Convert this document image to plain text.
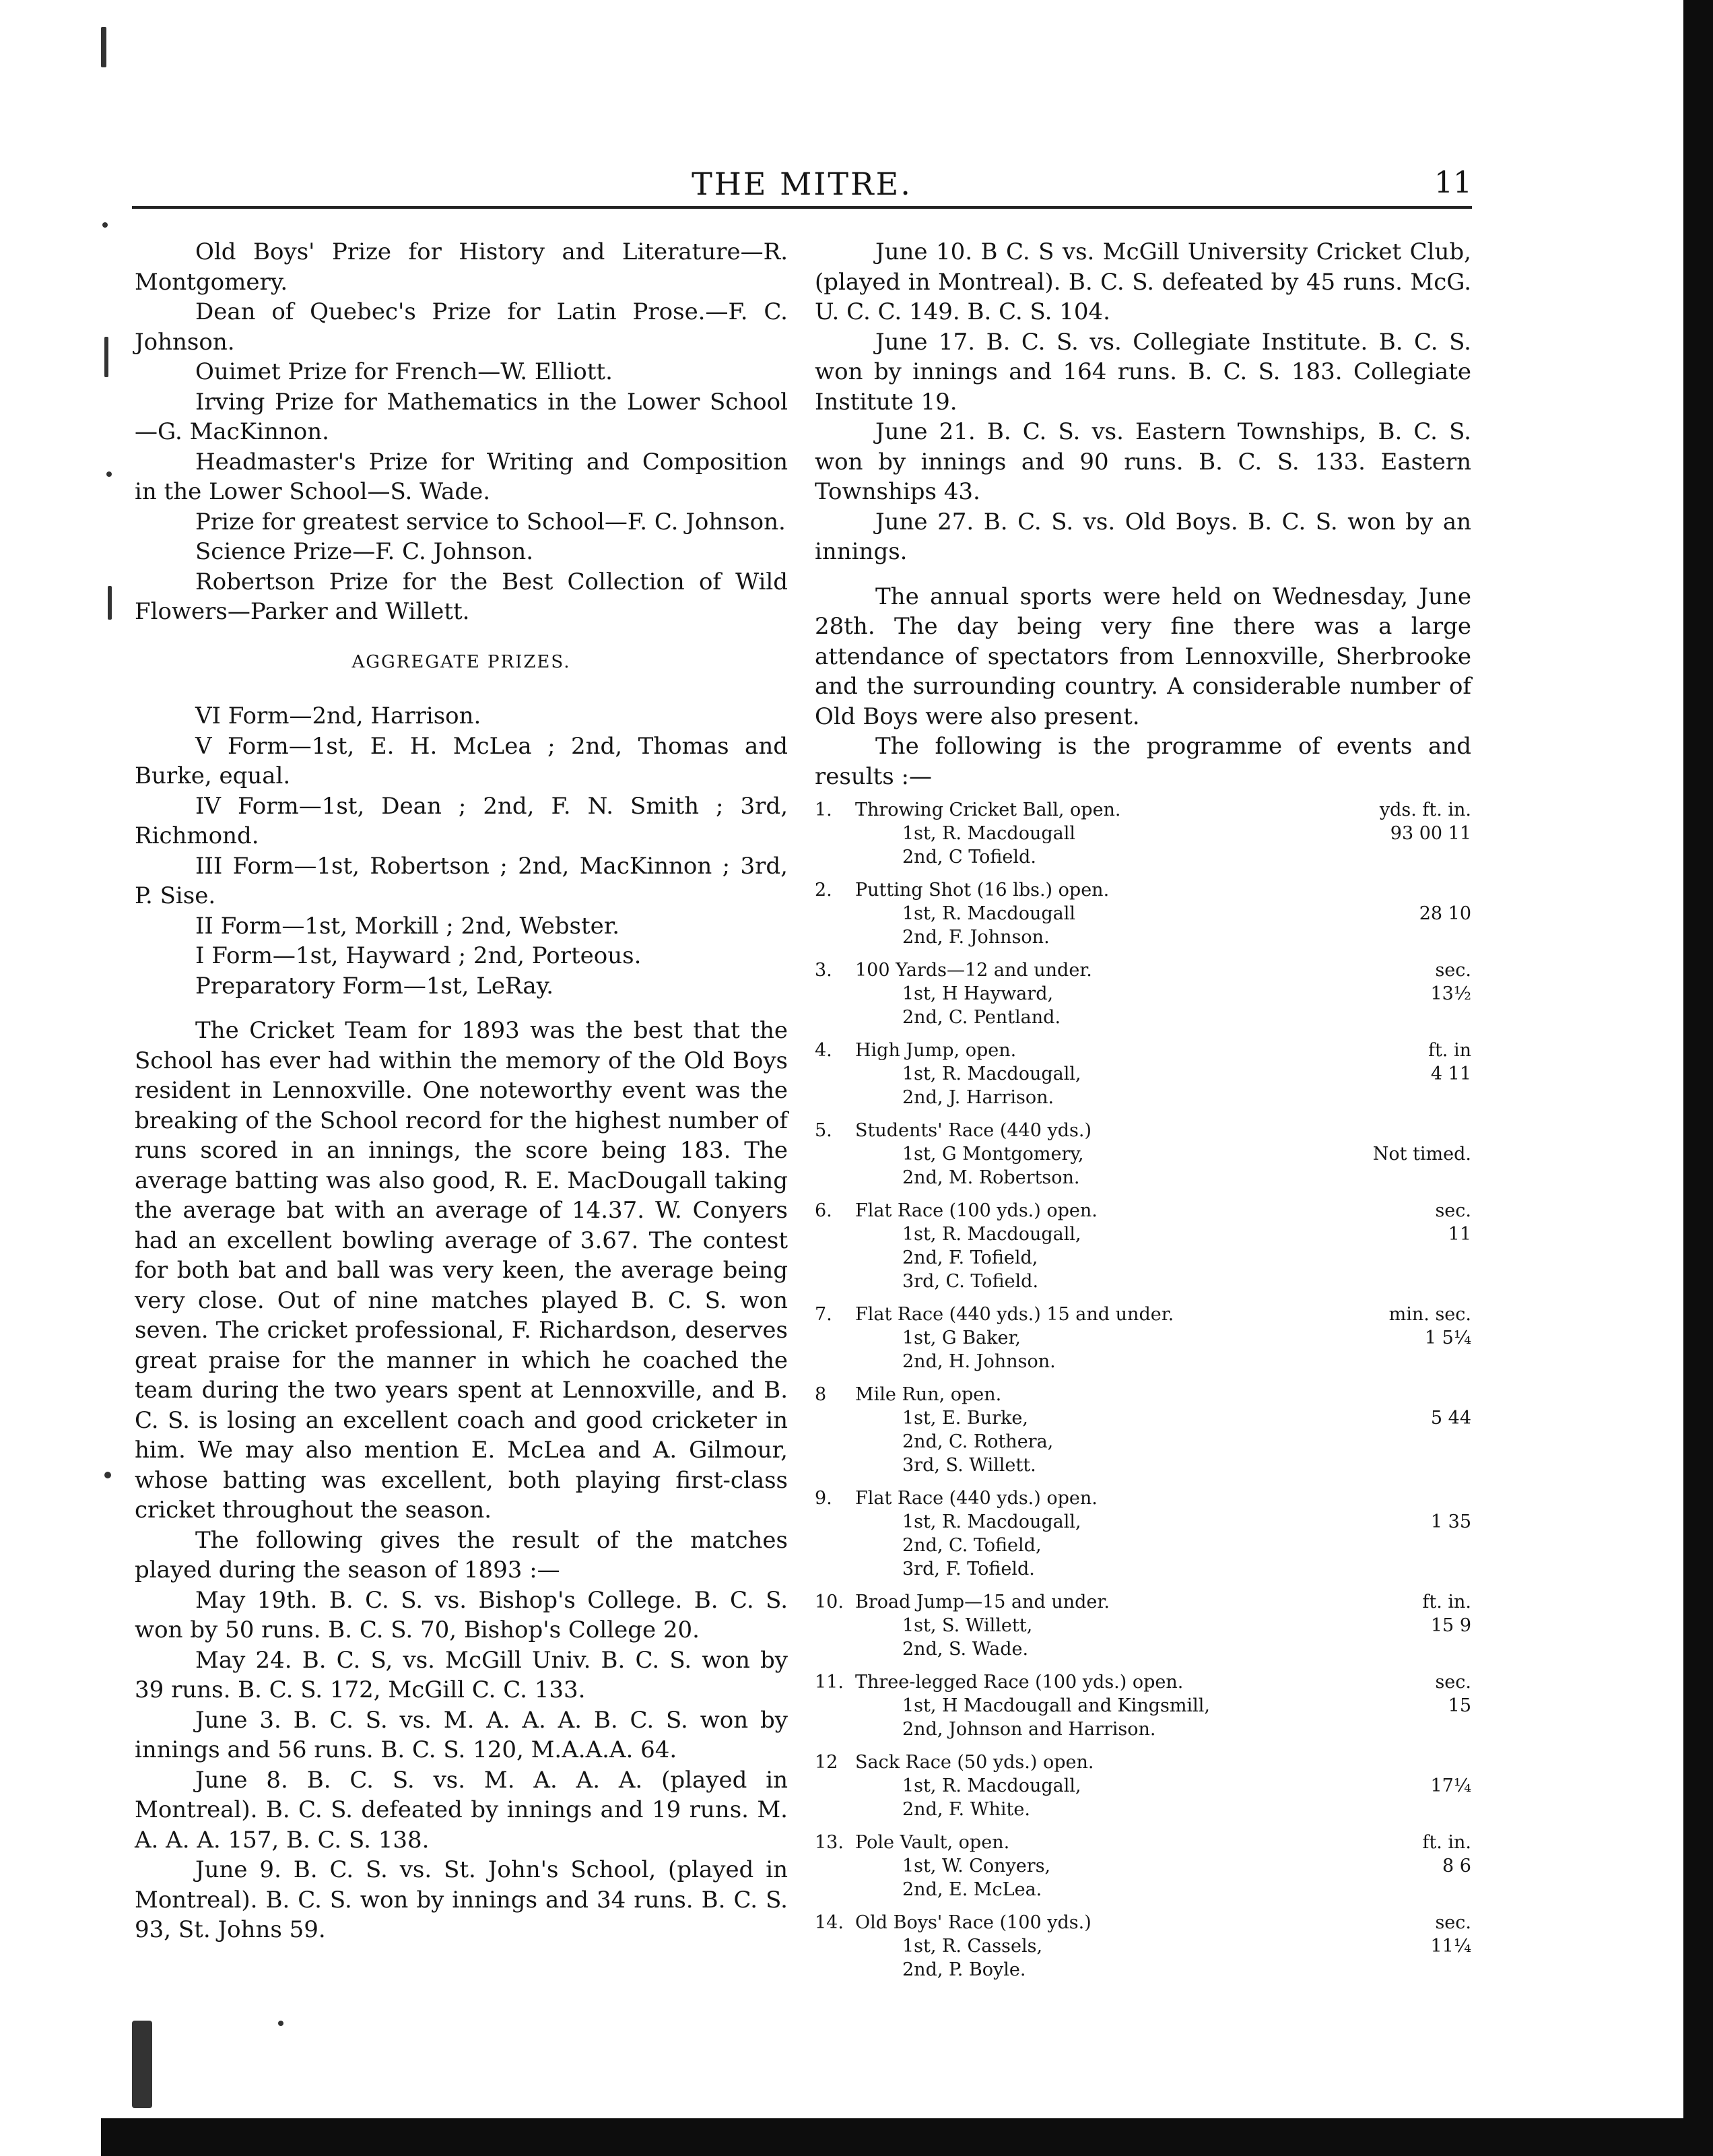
THE MITRE.	11

Old Boys' Prize for History and Literature—R. Montgomery.

Dean of Quebec's Prize for Latin Prose.—F. C. Johnson.

Ouimet Prize for French—W. Elliott.

Irving Prize for Mathematics in the Lower School—G. MacKinnon.

Headmaster's Prize for Writing and Composition in the Lower School—S. Wade.

Prize for greatest service to School—F. C. Johnson.

Science Prize—F. C. Johnson.

Robertson Prize for the Best Collection of Wild Flowers—Parker and Willett.

AGGREGATE PRIZES.

VI Form—2nd, Harrison.

V Form—1st, E. H. McLea ; 2nd, Thomas and Burke, equal.

IV Form—1st, Dean ; 2nd, F. N. Smith ; 3rd, Richmond.

III Form—1st, Robertson ; 2nd, MacKinnon ; 3rd, P. Sise.

II Form—1st, Morkill ; 2nd, Webster.

I Form—1st, Hayward ; 2nd, Porteous.

Preparatory Form—1st, LeRay.

The Cricket Team for 1893 was the best that the School has ever had within the memory of the Old Boys resident in Lennoxville. One noteworthy event was the breaking of the School record for the highest number of runs scored in an innings, the score being 183. The average batting was also good, R. E. MacDougall taking the average bat with an average of 14.37. W. Conyers had an excellent bowling average of 3.67. The contest for both bat and ball was very keen, the average being very close. Out of nine matches played B. C. S. won seven. The cricket professional, F. Richardson, deserves great praise for the manner in which he coached the team during the two years spent at Lennoxville, and B. C. S. is losing an excellent coach and good cricketer in him. We may also mention E. McLea and A. Gilmour, whose batting was excellent, both playing first-class cricket throughout the season.

The following gives the result of the matches played during the season of 1893 :—

May 19th. B. C. S. vs. Bishop's College. B. C. S. won by 50 runs. B. C. S. 70, Bishop's College 20.

May 24. B. C. S, vs. McGill Univ. B. C. S. won by 39 runs. B. C. S. 172, McGill C. C. 133.

June 3. B. C. S. vs. M. A. A. A. B. C. S. won by innings and 56 runs. B. C. S. 120, M.A.A.A. 64.

June 8. B. C. S. vs. M. A. A. A. (played in Montreal). B. C. S. defeated by innings and 19 runs. M. A. A. A. 157, B. C. S. 138.

June 9. B. C. S. vs. St. John's School, (played in Montreal). B. C. S. won by innings and 34 runs. B. C. S. 93, St. Johns 59.

June 10. B C. S vs. McGill University Cricket Club, (played in Montreal). B. C. S. defeated by 45 runs. McG. U. C. C. 149. B. C. S. 104.

June 17. B. C. S. vs. Collegiate Institute. B. C. S. won by innings and 164 runs. B. C. S. 183. Collegiate Institute 19.

June 21. B. C. S. vs. Eastern Townships, B. C. S. won by innings and 90 runs. B. C. S. 133. Eastern Townships 43.

June 27. B. C. S. vs. Old Boys. B. C. S. won by an innings.

The annual sports were held on Wednesday, June 28th. The day being very fine there was a large attendance of spectators from Lennoxville, Sherbrooke and the surrounding country. A considerable number of Old Boys were also present.

The following is the programme of events and results :—

1.	Throwing Cricket Ball, open.	yds. ft. in.
1st, R. Macdougall	93 00 11
2nd, C Tofield.
2.	Putting Shot (16 lbs.) open.
1st, R. Macdougall	28 10
2nd, F. Johnson.
3.	100 Yards—12 and under.	sec.
1st, H Hayward,	13½
2nd, C. Pentland.
4.	High Jump, open.	ft. in
1st, R. Macdougall,	4 11
2nd, J. Harrison.
5.	Students' Race (440 yds.)
1st, G Montgomery,	Not timed.
2nd, M. Robertson.
6.	Flat Race (100 yds.) open.	sec.
1st, R. Macdougall,	11
2nd, F. Tofield,
3rd, C. Tofield.
7.	Flat Race (440 yds.) 15 and under.	min. sec.
1st, G Baker,	1 5¼
2nd, H. Johnson.
8	Mile Run, open.
1st, E. Burke,	5 44
2nd, C. Rothera,
3rd, S. Willett.
9.	Flat Race (440 yds.) open.
1st, R. Macdougall,	1 35
2nd, C. Tofield,
3rd, F. Tofield.
10. Broad Jump—15 and under.	ft. in.
1st, S. Willett,	15 9
2nd, S. Wade.
11. Three-legged Race (100 yds.) open.	sec.
1st, H Macdougall and Kingsmill,	15
2nd, Johnson and Harrison.
12 Sack Race (50 yds.) open.
1st, R. Macdougall,	17¼
2nd, F. White.
13. Pole Vault, open.	ft. in.
1st, W. Conyers,	8 6
2nd, E. McLea.
14. Old Boys' Race (100 yds.)	sec.
1st, R. Cassels,	11¼
2nd, P. Boyle.
